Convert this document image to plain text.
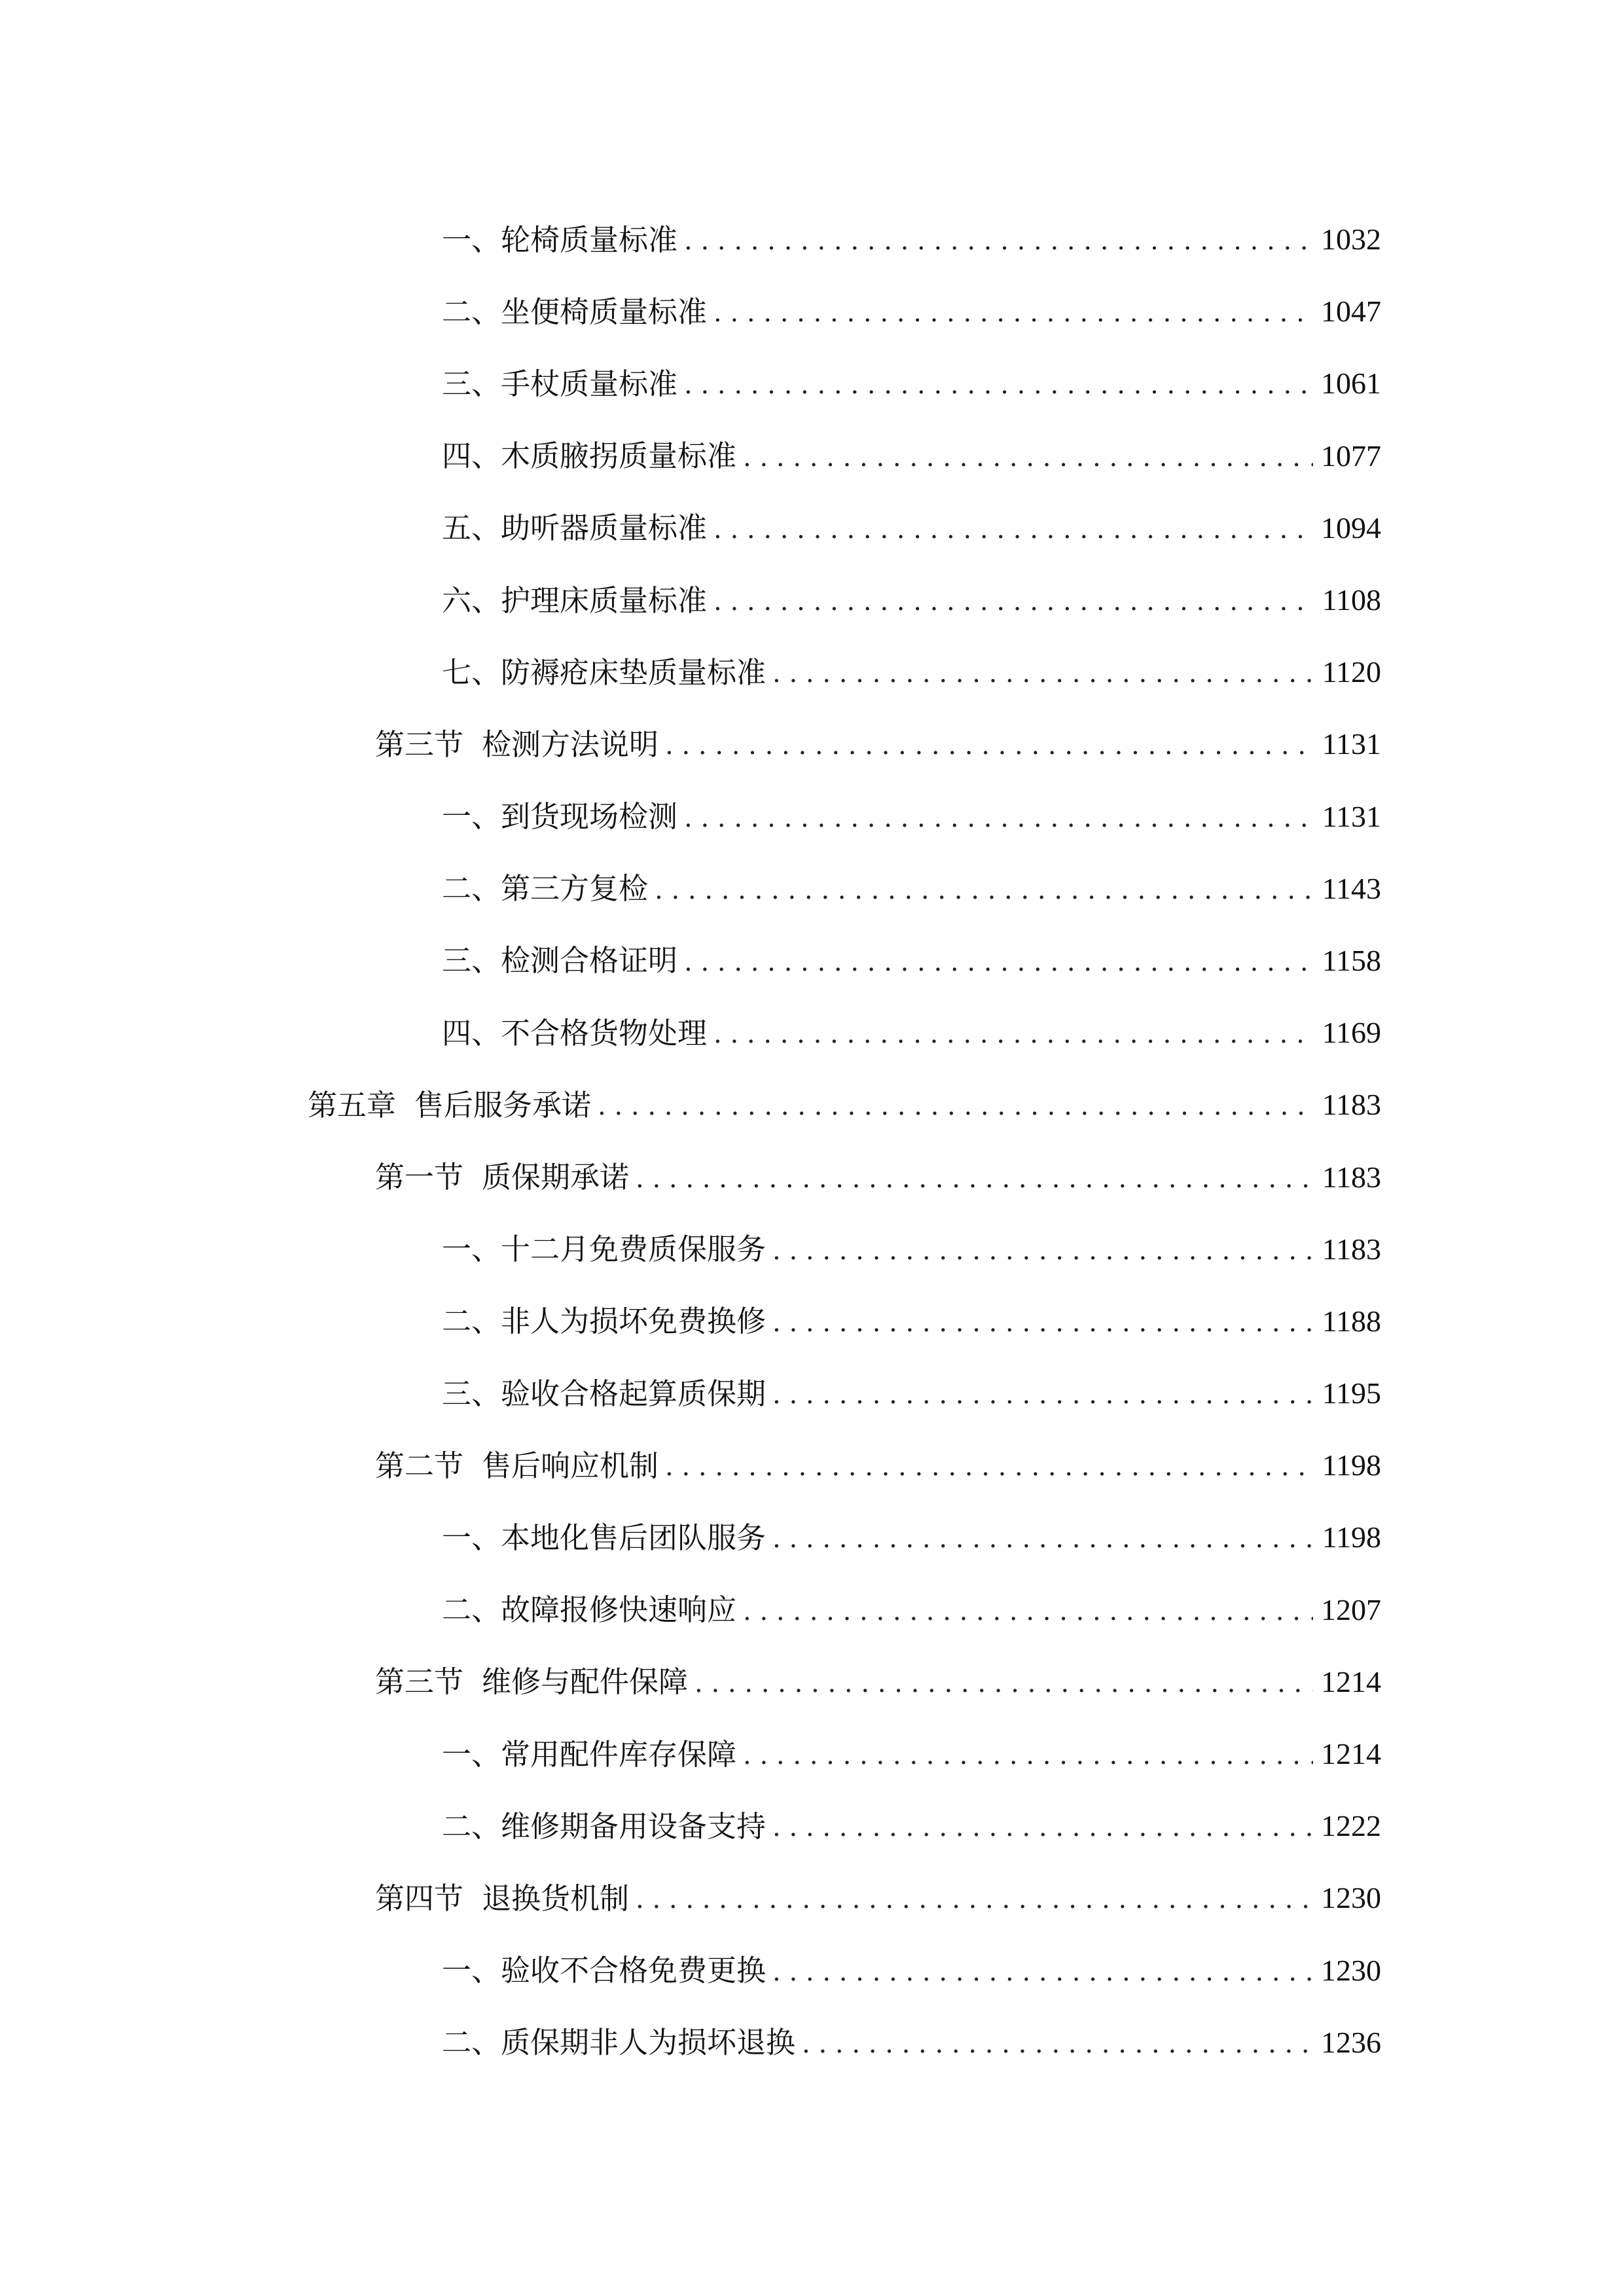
一、 轮椅质量标准 . . .	1032
二、 坐便椅质量标准 . . .	1047
三、 手杖质量标准 . . .	1061
四、 木质腋拐质量标准 . . .	1077
五、 助听器质量标准 . . .	1094
六、 护理床质量标准 . . .	1108
七、 防褥疮床垫质量标准 . . .	1120
第三节 检测方法说明 . . .	1131
一、 到货现场检测 . . .	1131
二、 第三方复检 . . .	1143
三、 检测合格证明 . . .	1158
四、 不合格货物处理 . . .	1169
第五章 售后服务承诺 . . .	1183
第一节 质保期承诺 . . .	1183
一、 十二月免费质保服务 . . .	1183
二、 非人为损坏免费换修 . . .	1188
三、 验收合格起算质保期 . . .	1195
第二节 售后响应机制 . . .	1198
一、 本地化售后团队服务 . . .	1198
二、 故障报修快速响应 . . .	1207
第三节 维修与配件保障 . . .	1214
一、 常用配件库存保障 . . .	1214
二、 维修期备用设备支持 . . .	1222
第四节 退换货机制 . . .	1230
一、 验收不合格免费更换 . . .	1230
二、 质保期非人为损坏退换 . . .	1236
